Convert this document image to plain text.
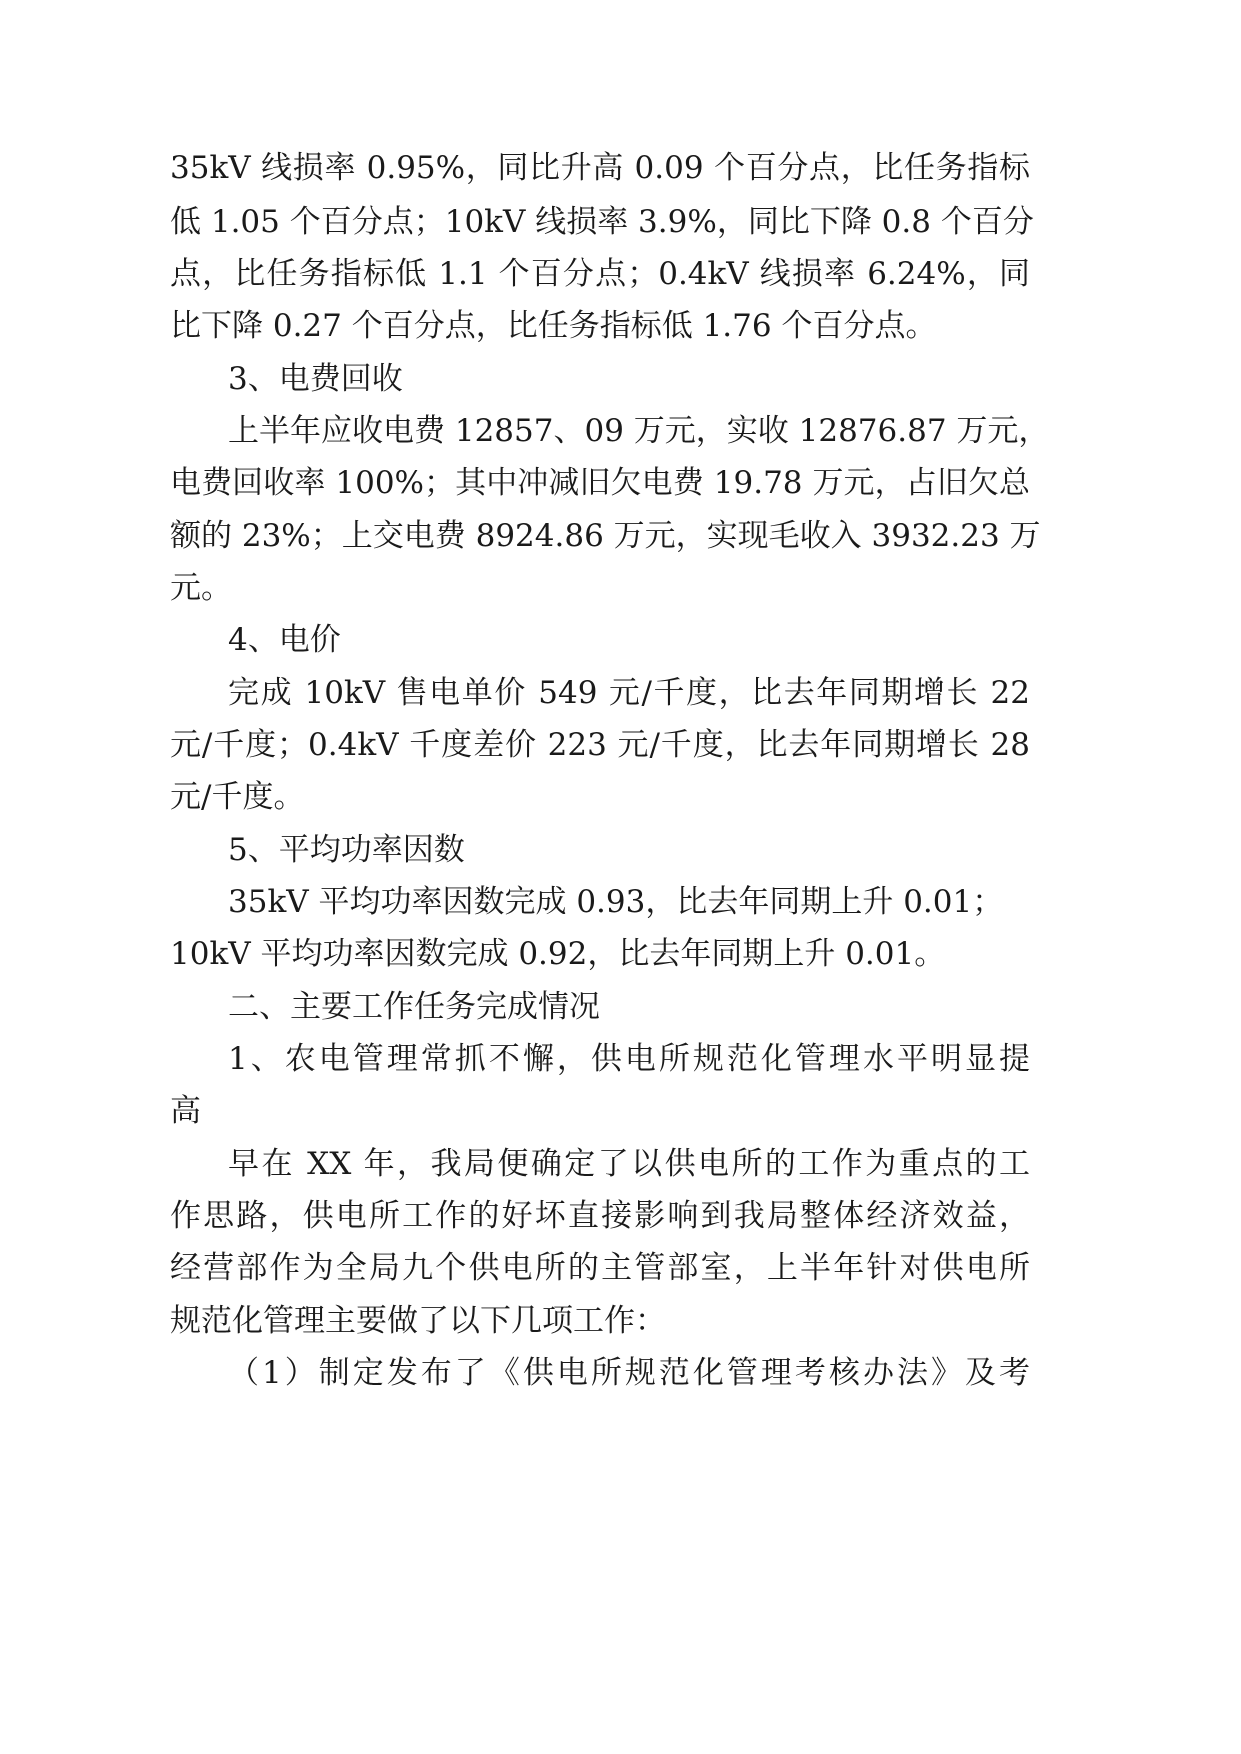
35kV 线损率 0.95%，同比升高 0.09 个百分点，比任务指标
低 1.05 个百分点；10kV 线损率 3.9%，同比下降 0.8 个百分
点，比任务指标低 1.1 个百分点；0.4kV 线损率 6.24%，同
比下降 0.27 个百分点，比任务指标低 1.76 个百分点。
3、电费回收
上半年应收电费 12857、09 万元，实收 12876.87 万元，
电费回收率 100%；其中冲减旧欠电费 19.78 万元，占旧欠总
额的 23%；上交电费 8924.86 万元，实现毛收入 3932.23 万
元。
4、电价
完成 10kV 售电单价 549 元/千度，比去年同期增长 22
元/千度；0.4kV 千度差价 223 元/千度，比去年同期增长 28
元/千度。
5、平均功率因数
35kV 平均功率因数完成 0.93，比去年同期上升 0.01；
10kV 平均功率因数完成 0.92，比去年同期上升 0.01。
二、主要工作任务完成情况
1、农电管理常抓不懈，供电所规范化管理水平明显提
高
早在 XX 年，我局便确定了以供电所的工作为重点的工
作思路，供电所工作的好坏直接影响到我局整体经济效益，
经营部作为全局九个供电所的主管部室，上半年针对供电所
规范化管理主要做了以下几项工作：
（1）制定发布了《供电所规范化管理考核办法》及考
